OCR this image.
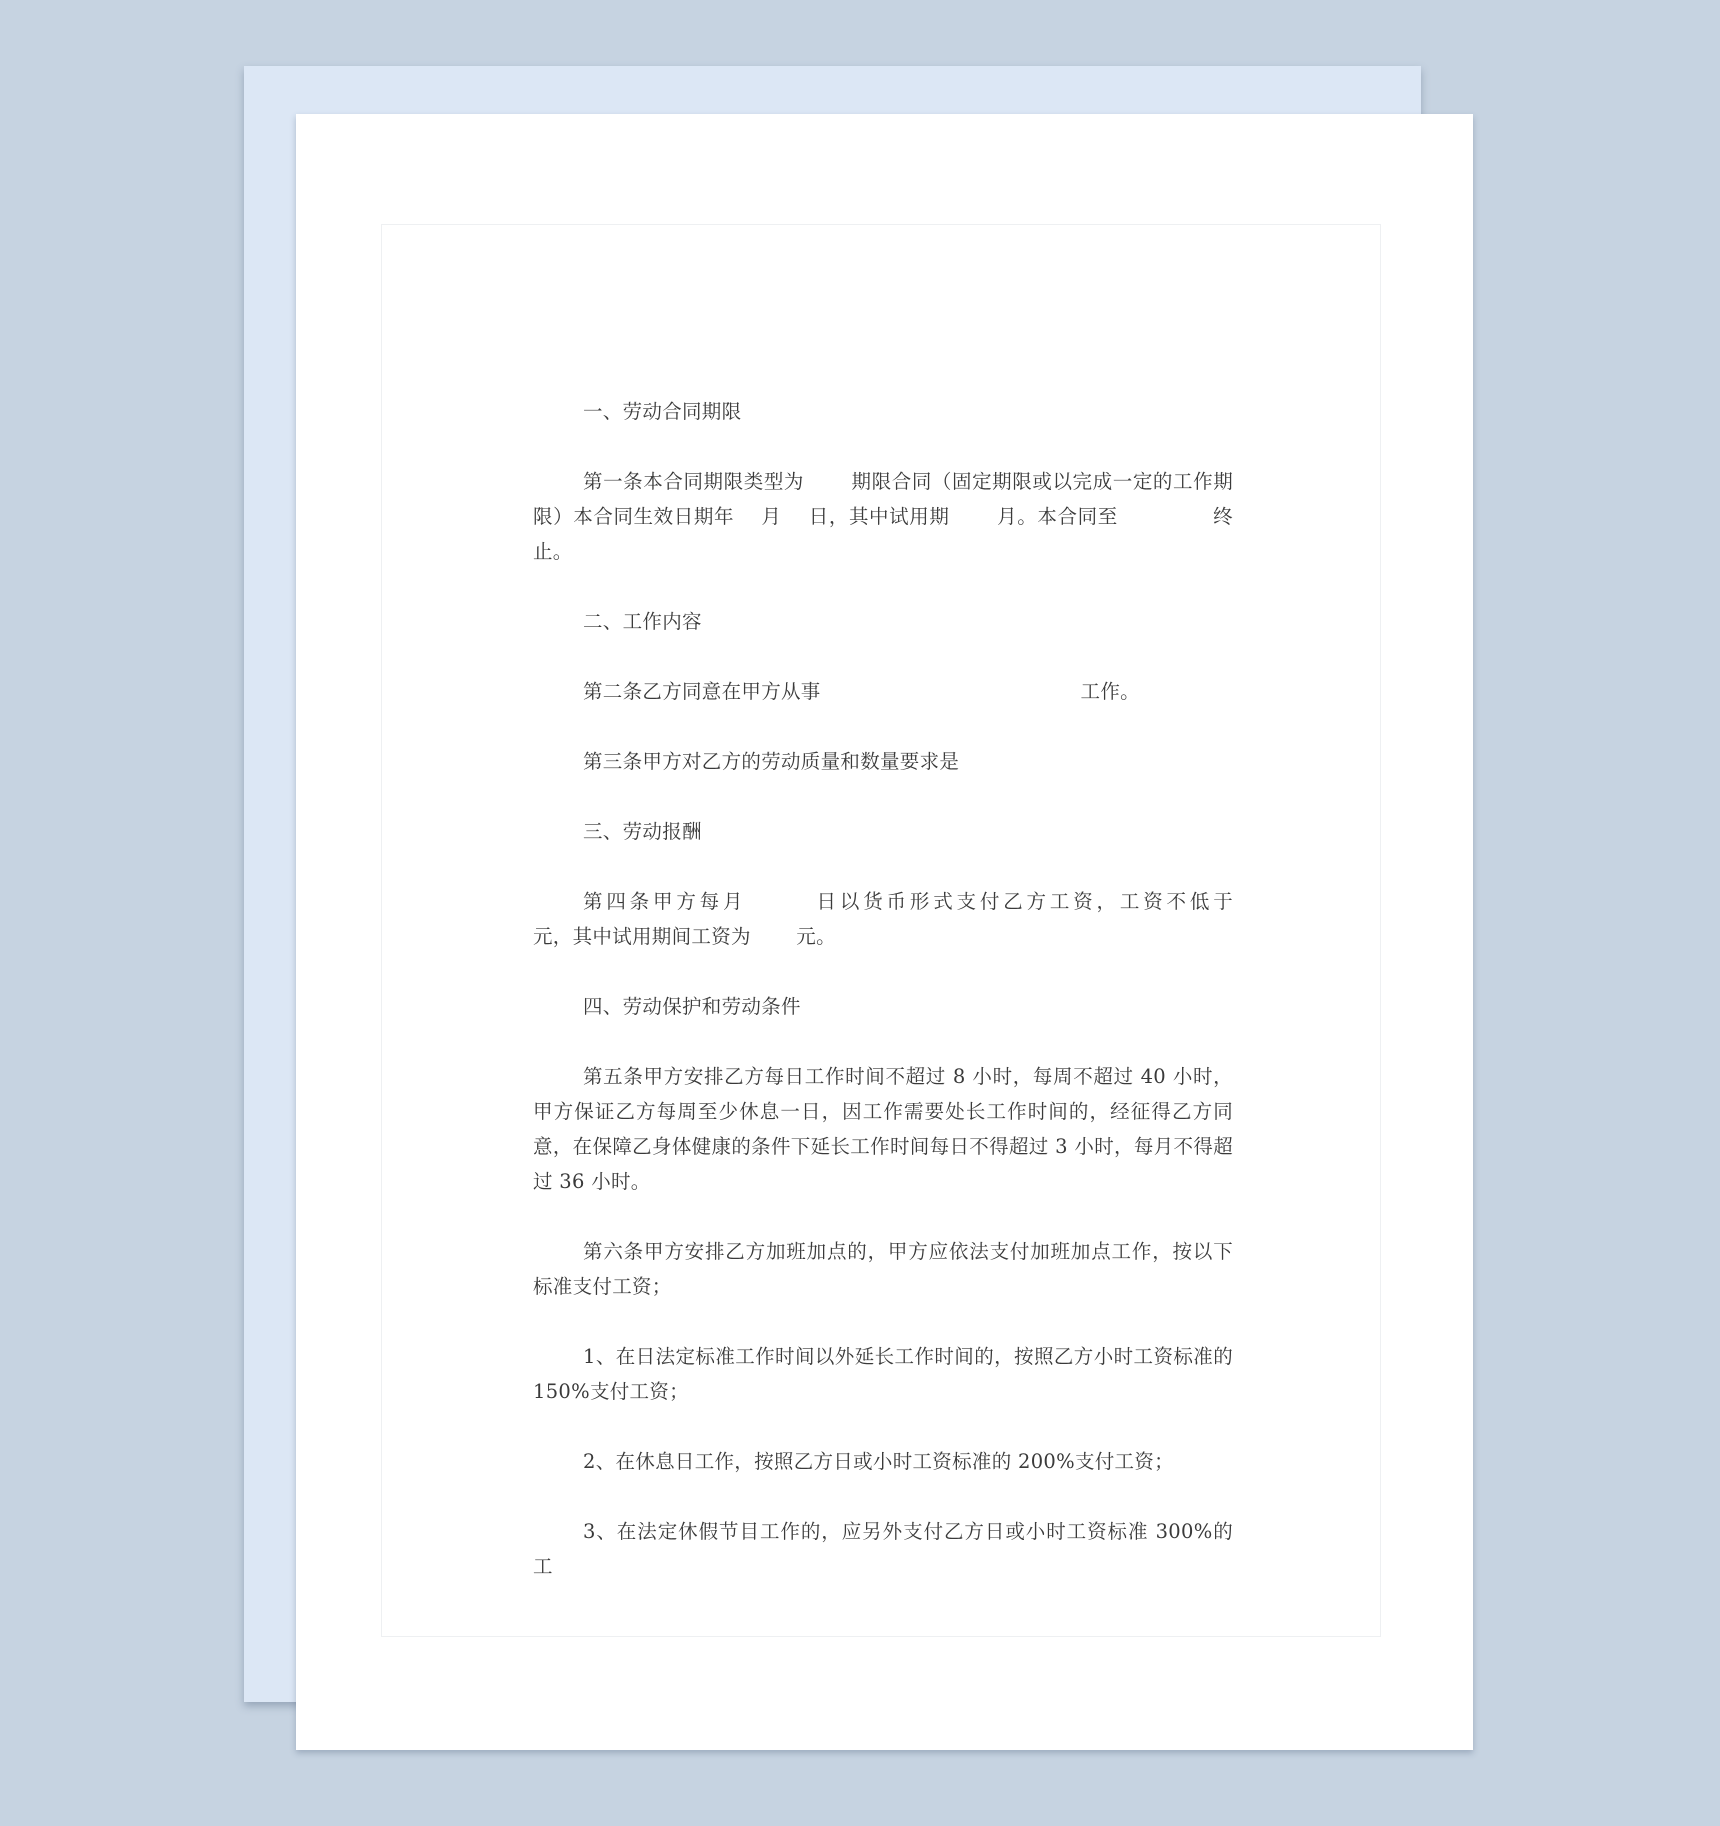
一、劳动合同期限

第一条本合同期限类型为       期限合同（固定期限或以完成一定的工作期限）本合同生效日期年    月    日，其中试用期       月。本合同至              终止。

二、工作内容

第二条乙方同意在甲方从事                                        工作。

第三条甲方对乙方的劳动质量和数量要求是

三、劳动报酬

第四条甲方每月       日以货币形式支付乙方工资，工资不低于           元，其中试用期间工资为       元。

四、劳动保护和劳动条件

第五条甲方安排乙方每日工作时间不超过 8 小时，每周不超过 40 小时，甲方保证乙方每周至少休息一日，因工作需要处长工作时间的，经征得乙方同意，在保障乙身体健康的条件下延长工作时间每日不得超过 3 小时，每月不得超过 36 小时。

第六条甲方安排乙方加班加点的，甲方应依法支付加班加点工作，按以下标准支付工资；

1、在日法定标准工作时间以外延长工作时间的，按照乙方小时工资标准的 150%支付工资；

2、在休息日工作，按照乙方日或小时工资标准的 200%支付工资；

3、在法定休假节目工作的，应另外支付乙方日或小时工资标准 300%的工
